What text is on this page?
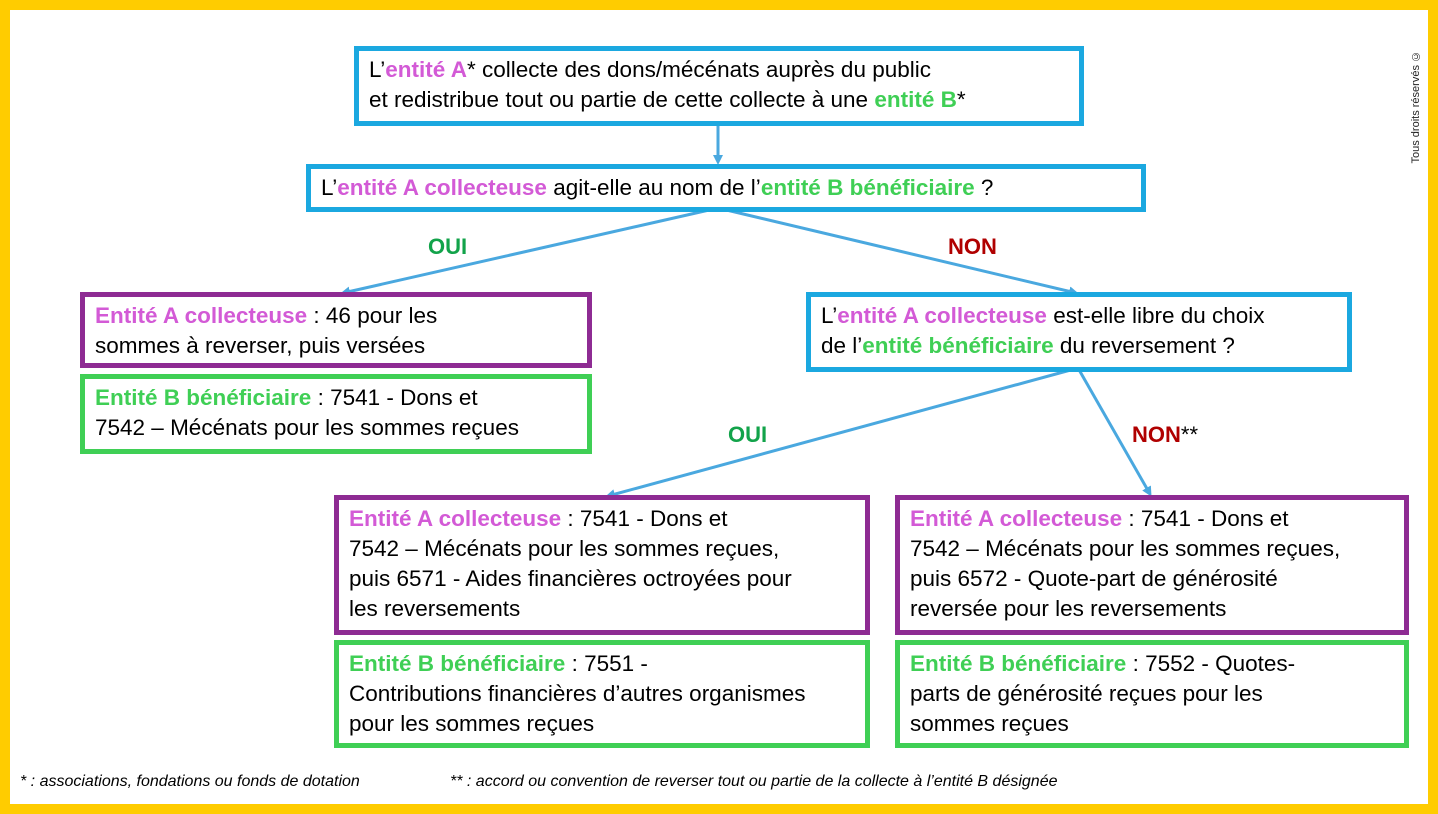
L’entité A* collecte des dons/mécénats auprès du public
et redistribue tout ou partie de cette collecte à une entité B*
L’entité A collecteuse agit-elle au nom de l’entité B bénéficiaire ?
OUI	NON
Entité A collecteuse : 46 pour les
sommes à reverser, puis versées
Entité B bénéficiaire : 7541 - Dons et
7542 – Mécénats pour les sommes reçues
L’entité A collecteuse est-elle libre du choix
de l’entité bénéficiaire du reversement ?
OUI	NON**
Entité A collecteuse : 7541 - Dons et
7542 – Mécénats pour les sommes reçues,
puis 6571 - Aides financières octroyées pour
les reversements
Entité B bénéficiaire : 7551 -
Contributions financières d’autres organismes
pour les sommes reçues
Entité A collecteuse : 7541 - Dons et
7542 – Mécénats pour les sommes reçues,
puis 6572 - Quote-part de générosité
reversée pour les reversements
Entité B bénéficiaire : 7552 - Quotes-
parts de générosité reçues pour les
sommes reçues
* : associations, fondations ou fonds de dotation	** : accord ou convention de reverser tout ou partie de la collecte à l’entité B désignée
Tous droits réservés ©
